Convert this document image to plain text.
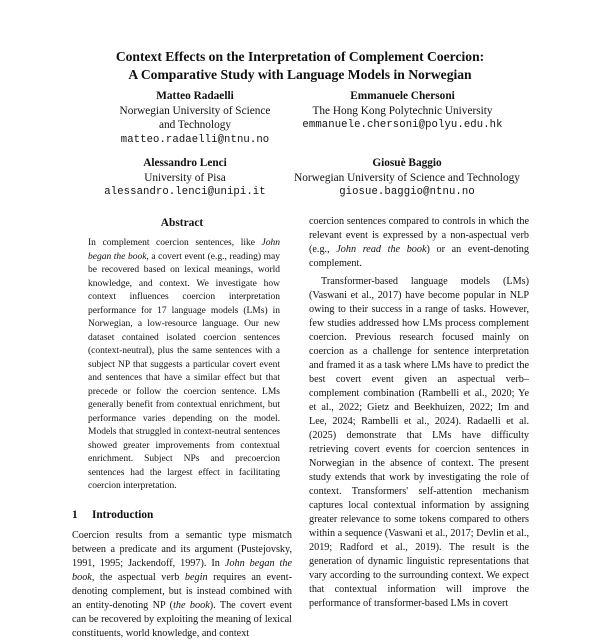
Context Effects on the Interpretation of Complement Coercion:
A Comparative Study with Language Models in Norwegian
Matteo Radaelli
Norwegian University of Science
and Technology
matteo.radaelli@ntnu.no
Emmanuele Chersoni
The Hong Kong Polytechnic University
emmanuele.chersoni@polyu.edu.hk
Alessandro Lenci
University of Pisa
alessandro.lenci@unipi.it
Giosuè Baggio
Norwegian University of Science and Technology
giosue.baggio@ntnu.no
Abstract

In complement coercion sentences, like John began the book, a covert event (e.g., reading) may be recovered based on lexical meanings, world knowledge, and context. We investigate how context influences coercion interpretation performance for 17 language models (LMs) in Norwegian, a low-resource language. Our new dataset contained isolated coercion sentences (context-neutral), plus the same sentences with a subject NP that suggests a particular covert event and sentences that have a similar effect but that precede or follow the coercion sentence. LMs generally benefit from contextual enrichment, but performance varies depending on the model. Models that struggled in context-neutral sentences showed greater improvements from contextual enrichment. Subject NPs and precoercion sentences had the largest effect in facilitating coercion interpretation.

1 Introduction

Coercion results from a semantic type mismatch between a predicate and its argument (Pustejovsky, 1991, 1995; Jackendoff, 1997). In John began the book, the aspectual verb begin requires an event-denoting complement, but is instead combined with an entity-denoting NP (the book). The covert event can be recovered by exploiting the meaning of lexical constituents, world knowledge, and context

coercion sentences compared to controls in which the relevant event is expressed by a non-aspectual verb (e.g., John read the book) or an event-denoting complement.

Transformer-based language models (LMs) (Vaswani et al., 2017) have become popular in NLP owing to their success in a range of tasks. However, few studies addressed how LMs process complement coercion. Previous research focused mainly on coercion as a challenge for sentence interpretation and framed it as a task where LMs have to predict the best covert event given an aspectual verb–complement combination (Rambelli et al., 2020; Ye et al., 2022; Gietz and Beekhuizen, 2022; Im and Lee, 2024; Rambelli et al., 2024). Radaelli et al. (2025) demonstrate that LMs have difficulty retrieving covert events for coercion sentences in Norwegian in the absence of context. The present study extends that work by investigating the role of context. Transformers' self-attention mechanism captures local contextual information by assigning greater relevance to some tokens compared to others within a sequence (Vaswani et al., 2017; Devlin et al., 2019; Radford et al., 2019). The result is the generation of dynamic linguistic representations that vary according to the surrounding context. We expect that contextual information will improve the performance of transformer-based LMs in covert
